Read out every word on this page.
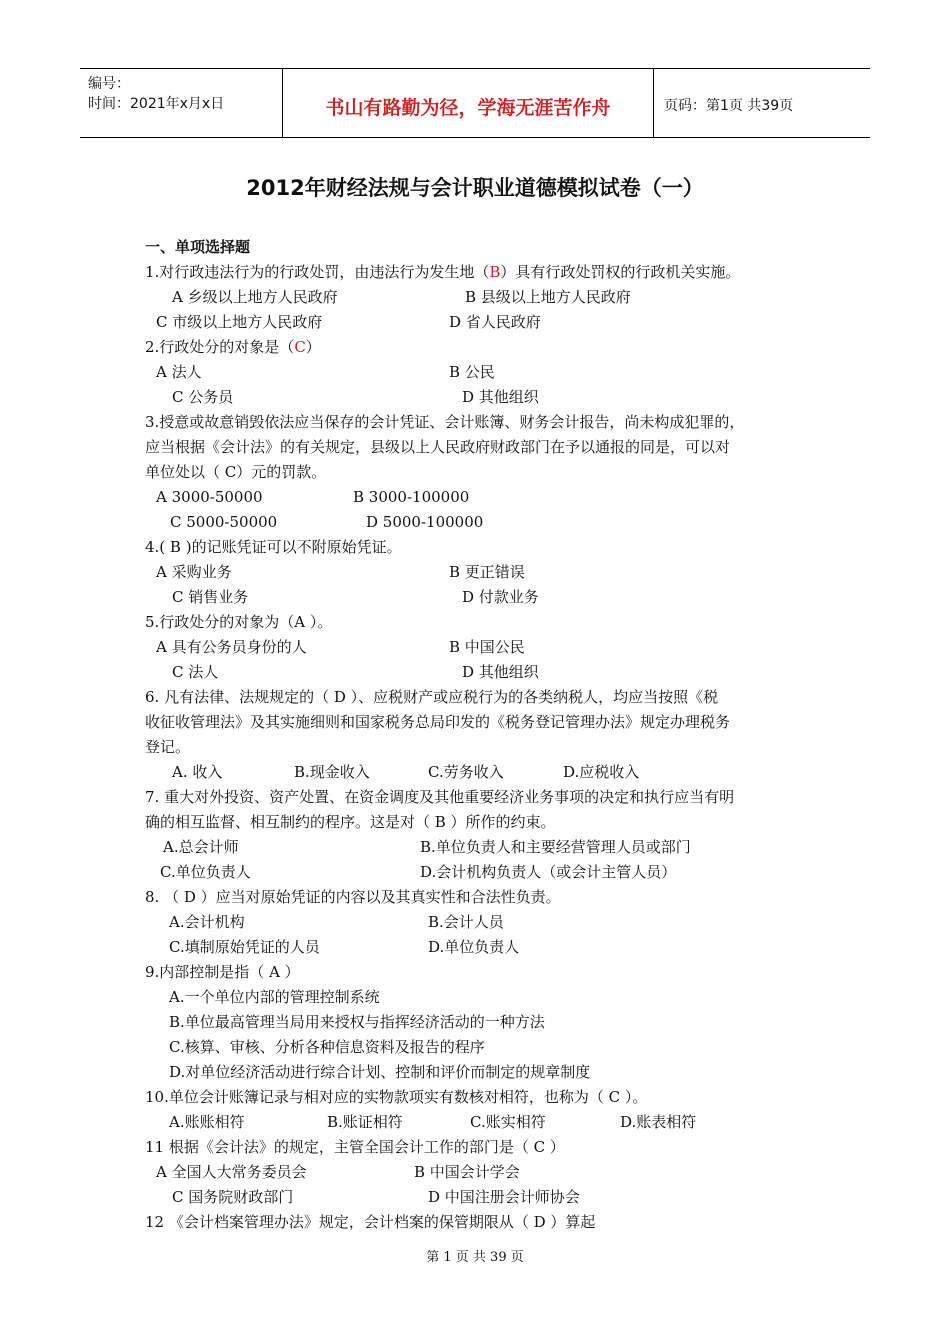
编号：
时间：2021年x月x日	书山有路勤为径，学海无涯苦作舟	页码：第1页 共39页
2012年财经法规与会计职业道德模拟试卷（一）
一、单项选择题
1.对行政违法行为的行政处罚，由违法行为发生地（B）具有行政处罚权的行政机关实施。
A 乡级以上地方人民政府	B 县级以上地方人民政府
C 市级以上地方人民政府	D 省人民政府
2.行政处分的对象是（C）
A 法人	B 公民
C 公务员	D 其他组织
3.授意或故意销毁依法应当保存的会计凭证、会计账簿、财务会计报告，尚未构成犯罪的，
应当根据《会计法》的有关规定，县级以上人民政府财政部门在予以通报的同是，可以对
单位处以（ C）元的罚款。
A 3000-50000	B 3000-100000
C 5000-50000	D 5000-100000
4.( B )的记账凭证可以不附原始凭证。
A 采购业务	B 更正错误
C 销售业务	D 付款业务
5.行政处分的对象为（A ）。
A 具有公务员身份的人	B 中国公民
C 法人	D 其他组织
6. 凡有法律、法规规定的（ D ）、应税财产或应税行为的各类纳税人，均应当按照《税
收征收管理法》及其实施细则和国家税务总局印发的《税务登记管理办法》规定办理税务
登记。
A. 收入	B.现金收入	C.劳务收入	D.应税收入
7. 重大对外投资、资产处置、在资金调度及其他重要经济业务事项的决定和执行应当有明
确的相互监督、相互制约的程序。这是对（ B ）所作的约束。
A.总会计师	B.单位负责人和主要经营管理人员或部门
C.单位负责人	D.会计机构负责人（或会计主管人员）
8. （ D ）应当对原始凭证的内容以及其真实性和合法性负责。
A.会计机构	B.会计人员
C.填制原始凭证的人员	D.单位负责人
9.内部控制是指（ A ）
A.一个单位内部的管理控制系统
B.单位最高管理当局用来授权与指挥经济活动的一种方法
C.核算、审核、分析各种信息资料及报告的程序
D.对单位经济活动进行综合计划、控制和评价而制定的规章制度
10.单位会计账簿记录与相对应的实物款项实有数核对相符，也称为（ C ）。
A.账账相符	B.账证相符	C.账实相符	D.账表相符
11 根据《会计法》的规定，主管全国会计工作的部门是（ C ）
A 全国人大常务委员会	B 中国会计学会
C 国务院财政部门	D 中国注册会计师协会
12 《会计档案管理办法》规定，会计档案的保管期限从（ D ）算起
第 1 页 共 39 页
